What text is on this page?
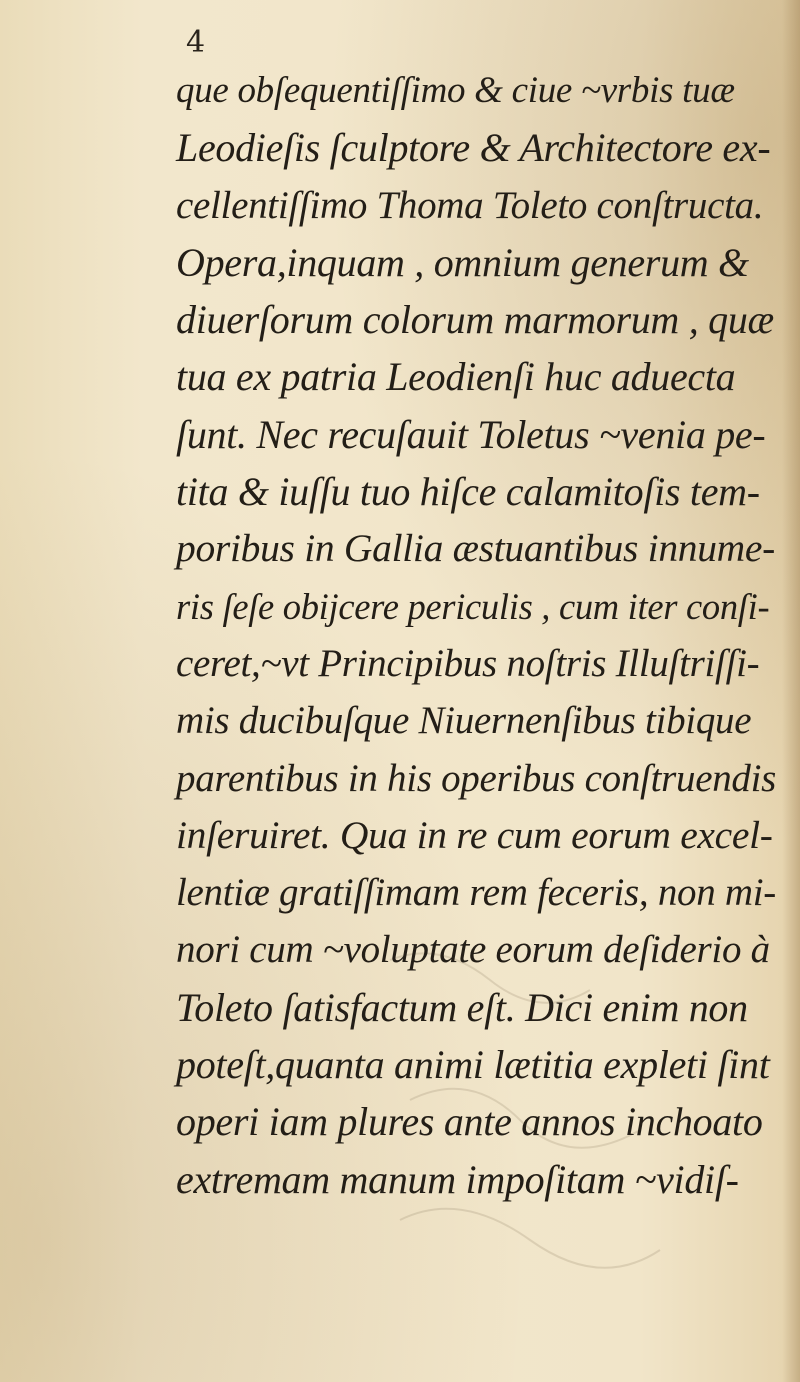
4
que obſequentiſſimo & ciue ~vrbis tuæ
Leodieſis ſculptore & Architectore ex-
cellentiſſimo Thoma Toleto conſtructa.
Opera,inquam , omnium generum &
diuerſorum colorum marmorum , quæ
tua ex patria Leodienſi huc aduecta
ſunt. Nec recuſauit Toletus ~venia pe-
tita & iuſſu tuo hiſce calamitoſis tem-
poribus in Gallia æstuantibus innume-
ris ſeſe obijcere periculis , cum iter conſi-
ceret,~vt Principibus noſtris Illuſtriſſi-
mis ducibuſque Niuernenſibus tibique
parentibus in his operibus conſtruendis
inſeruiret. Qua in re cum eorum excel-
lentiæ gratiſſimam rem feceris, non mi-
nori cum ~voluptate eorum deſiderio à
Toleto ſatisfactum eſt. Dici enim non
poteſt,quanta animi lætitia expleti ſint
operi iam plures ante annos inchoato
extremam manum impoſitam ~vidiſ-
